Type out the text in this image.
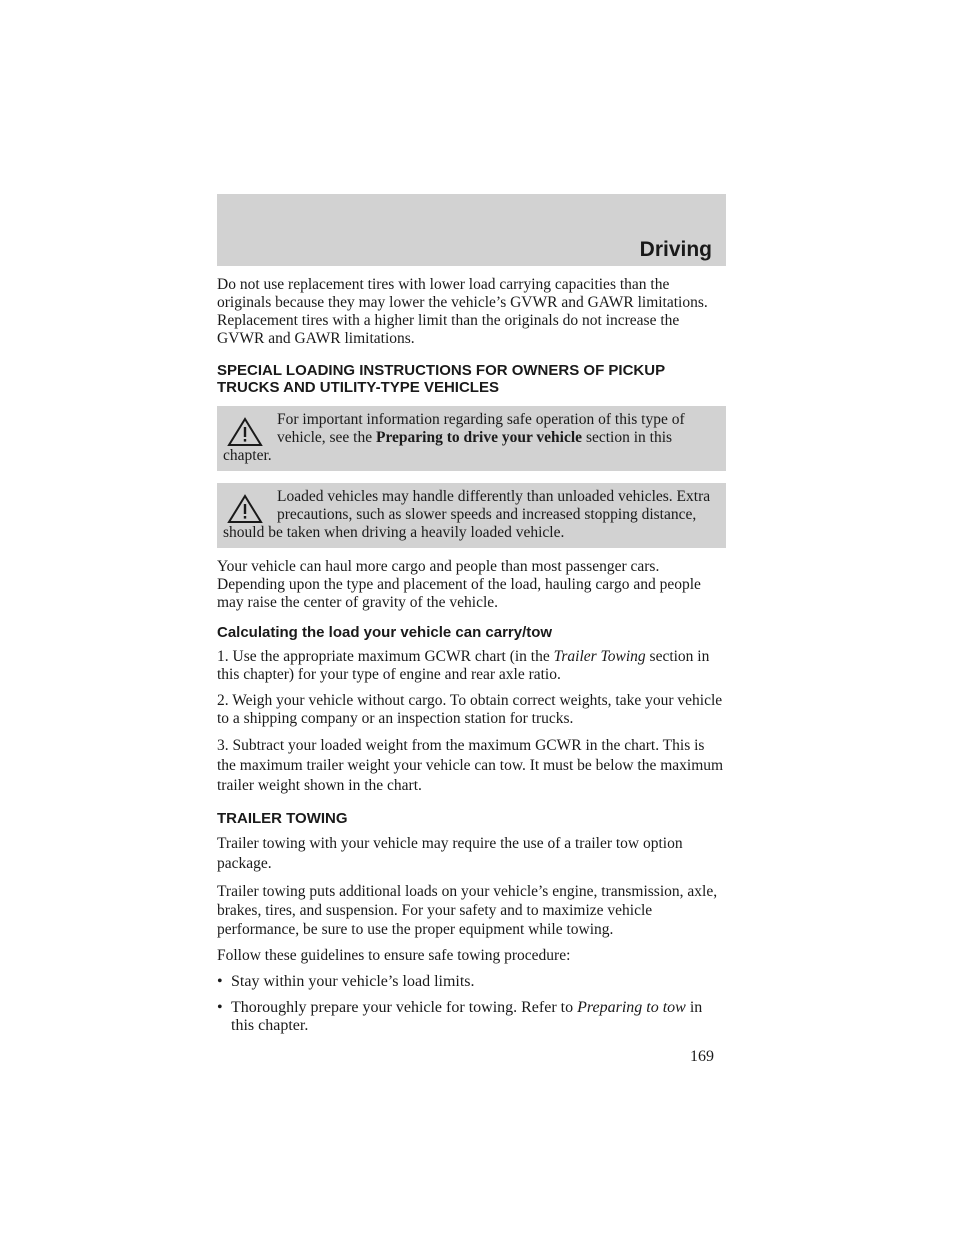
Driving

Do not use replacement tires with lower load carrying capacities than the originals because they may lower the vehicle’s GVWR and GAWR limitations. Replacement tires with a higher limit than the originals do not increase the GVWR and GAWR limitations.

SPECIAL LOADING INSTRUCTIONS FOR OWNERS OF PICKUP TRUCKS AND UTILITY-TYPE VEHICLES
For important information regarding safe operation of this type of vehicle, see the Preparing to drive your vehicle section in this chapter.
Loaded vehicles may handle differently than unloaded vehicles. Extra precautions, such as slower speeds and increased stopping distance, should be taken when driving a heavily loaded vehicle.

Your vehicle can haul more cargo and people than most passenger cars. Depending upon the type and placement of the load, hauling cargo and people may raise the center of gravity of the vehicle.

Calculating the load your vehicle can carry/tow

1. Use the appropriate maximum GCWR chart (in the Trailer Towing section in this chapter) for your type of engine and rear axle ratio.

2. Weigh your vehicle without cargo. To obtain correct weights, take your vehicle to a shipping company or an inspection station for trucks.

3. Subtract your loaded weight from the maximum GCWR in the chart. This is the maximum trailer weight your vehicle can tow. It must be below the maximum trailer weight shown in the chart.

TRAILER TOWING

Trailer towing with your vehicle may require the use of a trailer tow option package.

Trailer towing puts additional loads on your vehicle’s engine, transmission, axle, brakes, tires, and suspension. For your safety and to maximize vehicle performance, be sure to use the proper equipment while towing.

Follow these guidelines to ensure safe towing procedure:

• Stay within your vehicle’s load limits.
• Thoroughly prepare your vehicle for towing. Refer to Preparing to tow in this chapter.
169
